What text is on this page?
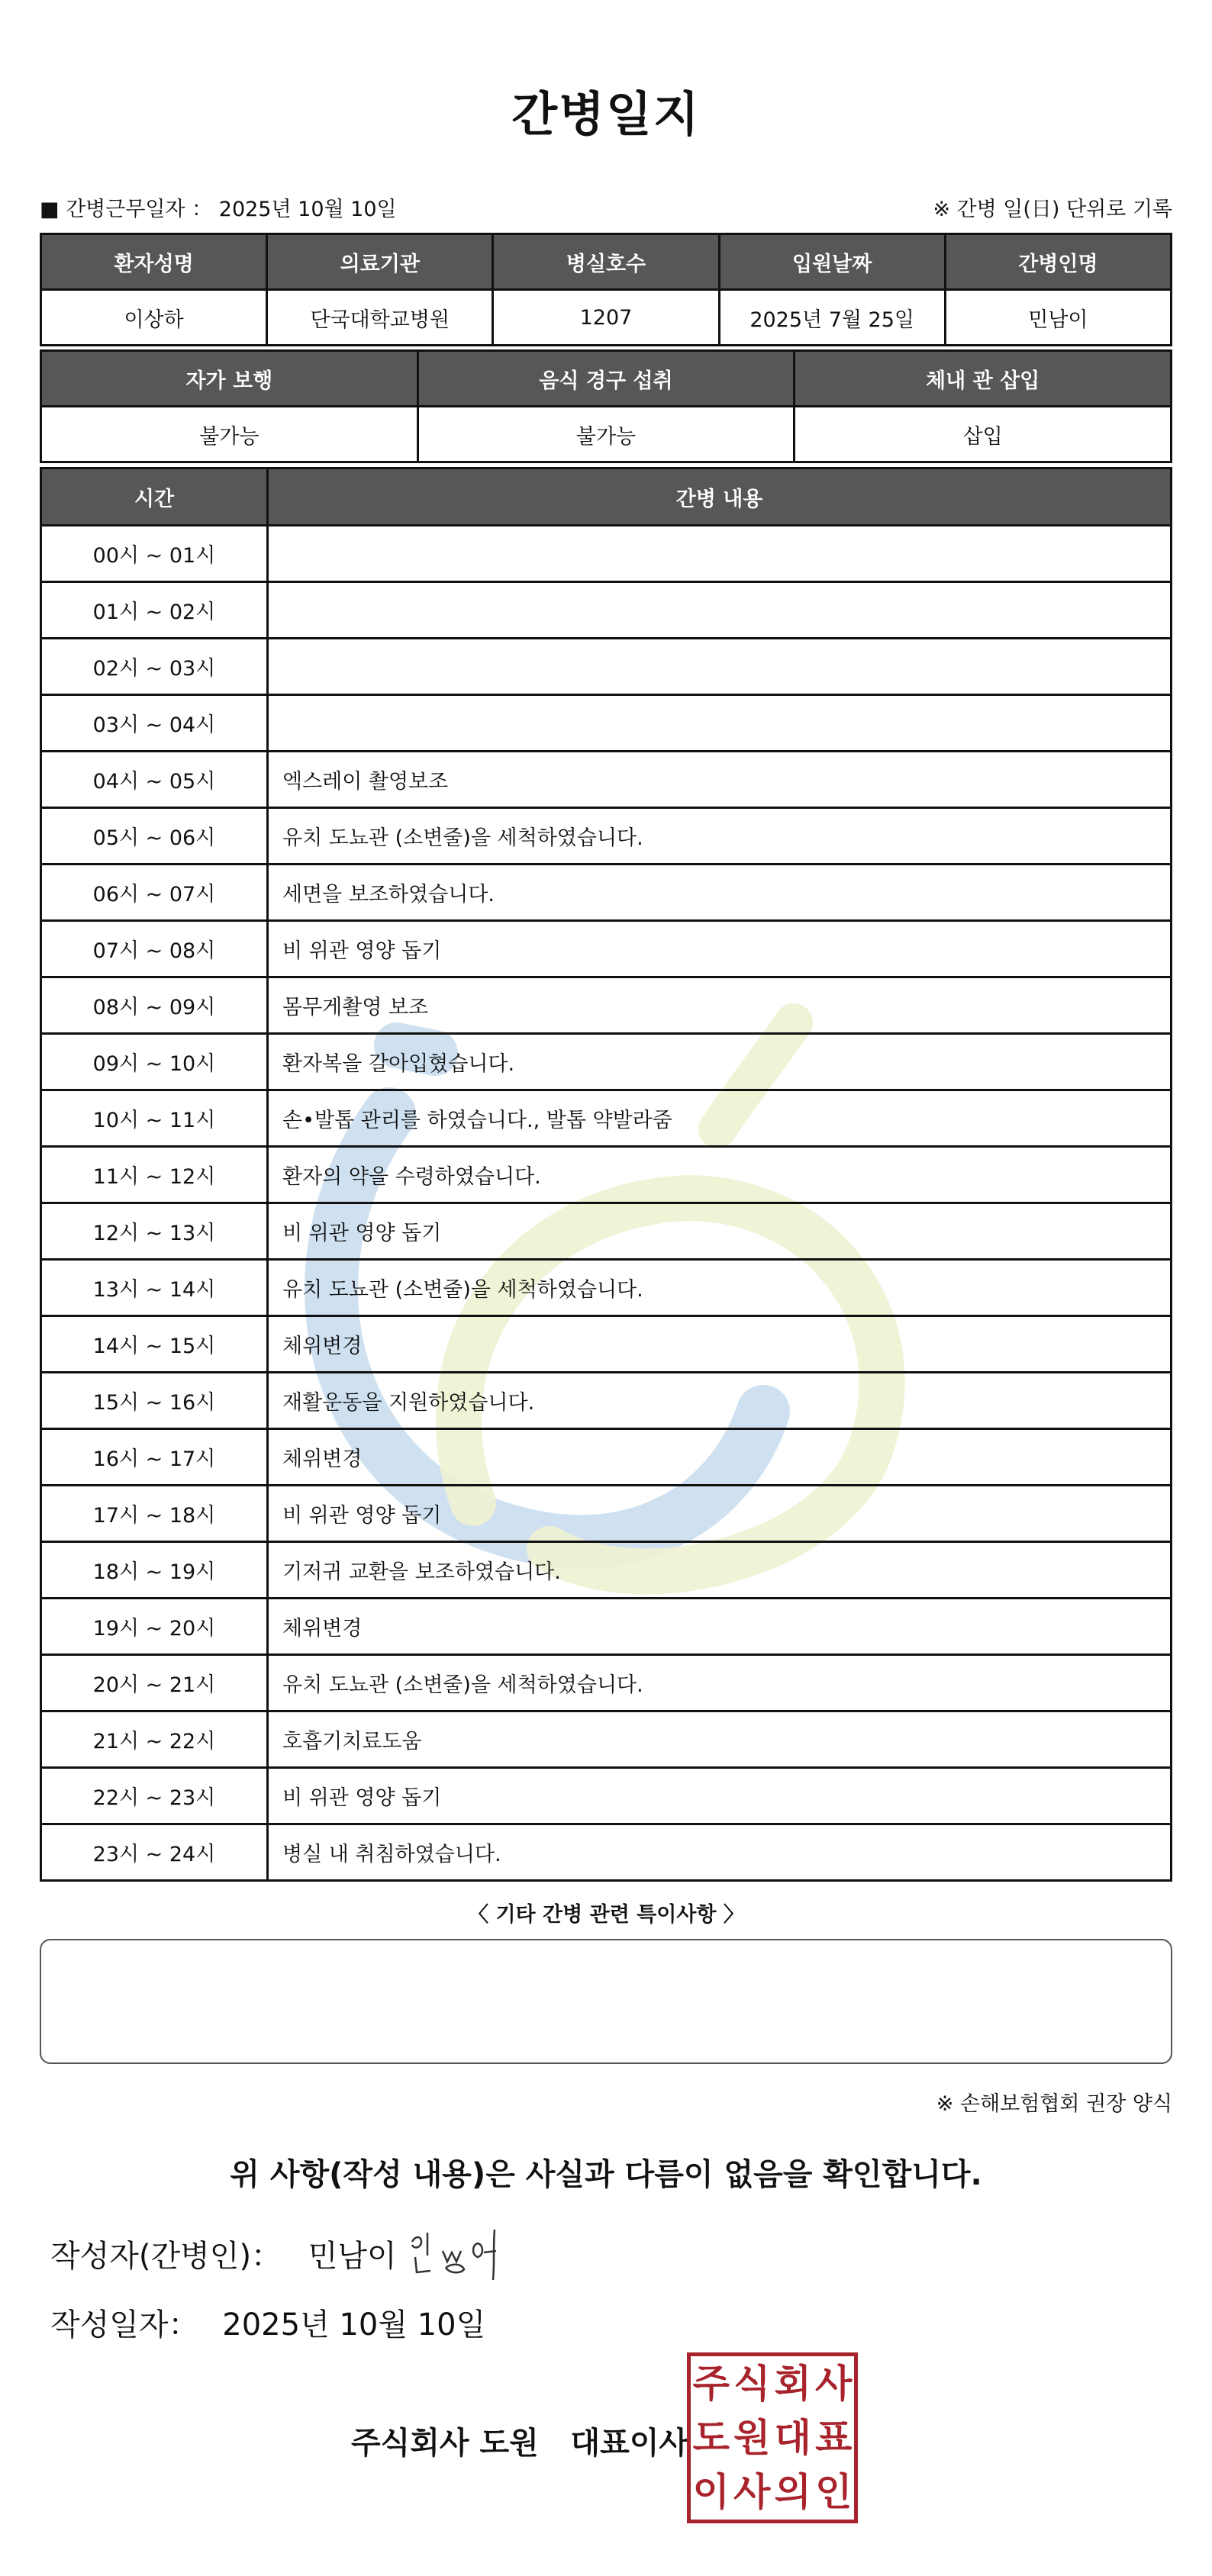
간병일지
■ 간병근무일자 ： 2025년 10월 10일	※ 간병 일(日) 단위로 기록
환자성명	의료기관	병실호수	입원날짜	간병인명
이상하	단국대학교병원	1207	2025년 7월 25일	민남이
자가 보행	음식 경구 섭취	체내 관 삽입
불가능	불가능	삽입
시간	간병 내용
00시 ~ 01시	
01시 ~ 02시	
02시 ~ 03시	
03시 ~ 04시	
04시 ~ 05시	엑스레이 촬영보조
05시 ~ 06시	유치 도뇨관 (소변줄)을 세척하였습니다.
06시 ~ 07시	세면을 보조하였습니다.
07시 ~ 08시	비 위관 영양 돕기
08시 ~ 09시	몸무게촬영 보조
09시 ~ 10시	환자복을 갈아입혔습니다.
10시 ~ 11시	손•발톱 관리를 하였습니다., 발톱 약발라줌
11시 ~ 12시	환자의 약을 수령하였습니다.
12시 ~ 13시	비 위관 영양 돕기
13시 ~ 14시	유치 도뇨관 (소변줄)을 세척하였습니다.
14시 ~ 15시	체위변경
15시 ~ 16시	재활운동을 지원하였습니다.
16시 ~ 17시	체위변경
17시 ~ 18시	비 위관 영양 돕기
18시 ~ 19시	기저귀 교환을 보조하였습니다.
19시 ~ 20시	체위변경
20시 ~ 21시	유치 도뇨관 (소변줄)을 세척하였습니다.
21시 ~ 22시	호흡기치료도움
22시 ~ 23시	비 위관 영양 돕기
23시 ~ 24시	병실 내 취침하였습니다.
〈 기타 간병 관련 특이사항 〉
※ 손해보험협회 권장 양식
위 사항(작성 내용)은 사실과 다름이 없음을 확인합니다.
작성자(간병인)： 민남이
작성일자： 2025년 10월 10일
주식회사 도원   대표이사
주 식 회 사
도 원 대 표
이 사 의 인
